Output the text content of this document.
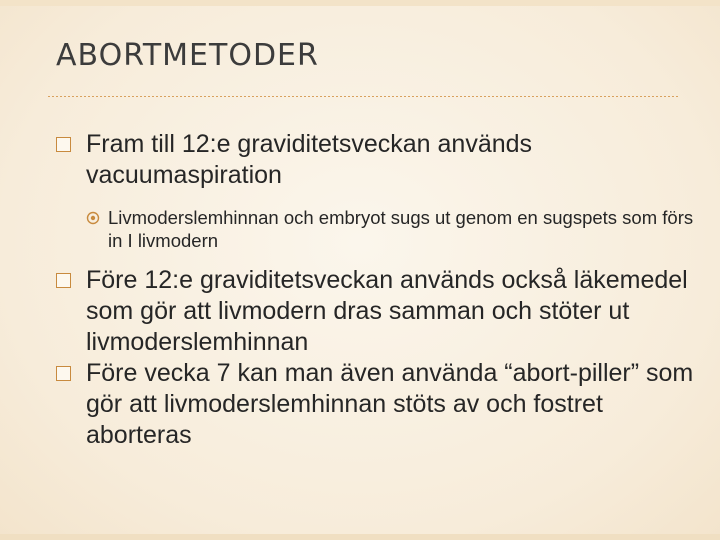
ABORTMETODER
Fram till 12:e graviditetsveckan används vacuumaspiration
Livmoderslemhinnan och embryot sugs ut genom en sugspets som förs in I livmodern
Före 12:e graviditetsveckan används också läkemedel som gör att livmodern dras samman och stöter ut livmoderslemhinnan
Före vecka 7 kan man även använda “abort-piller” som gör att livmoderslemhinnan stöts av och fostret aborteras
